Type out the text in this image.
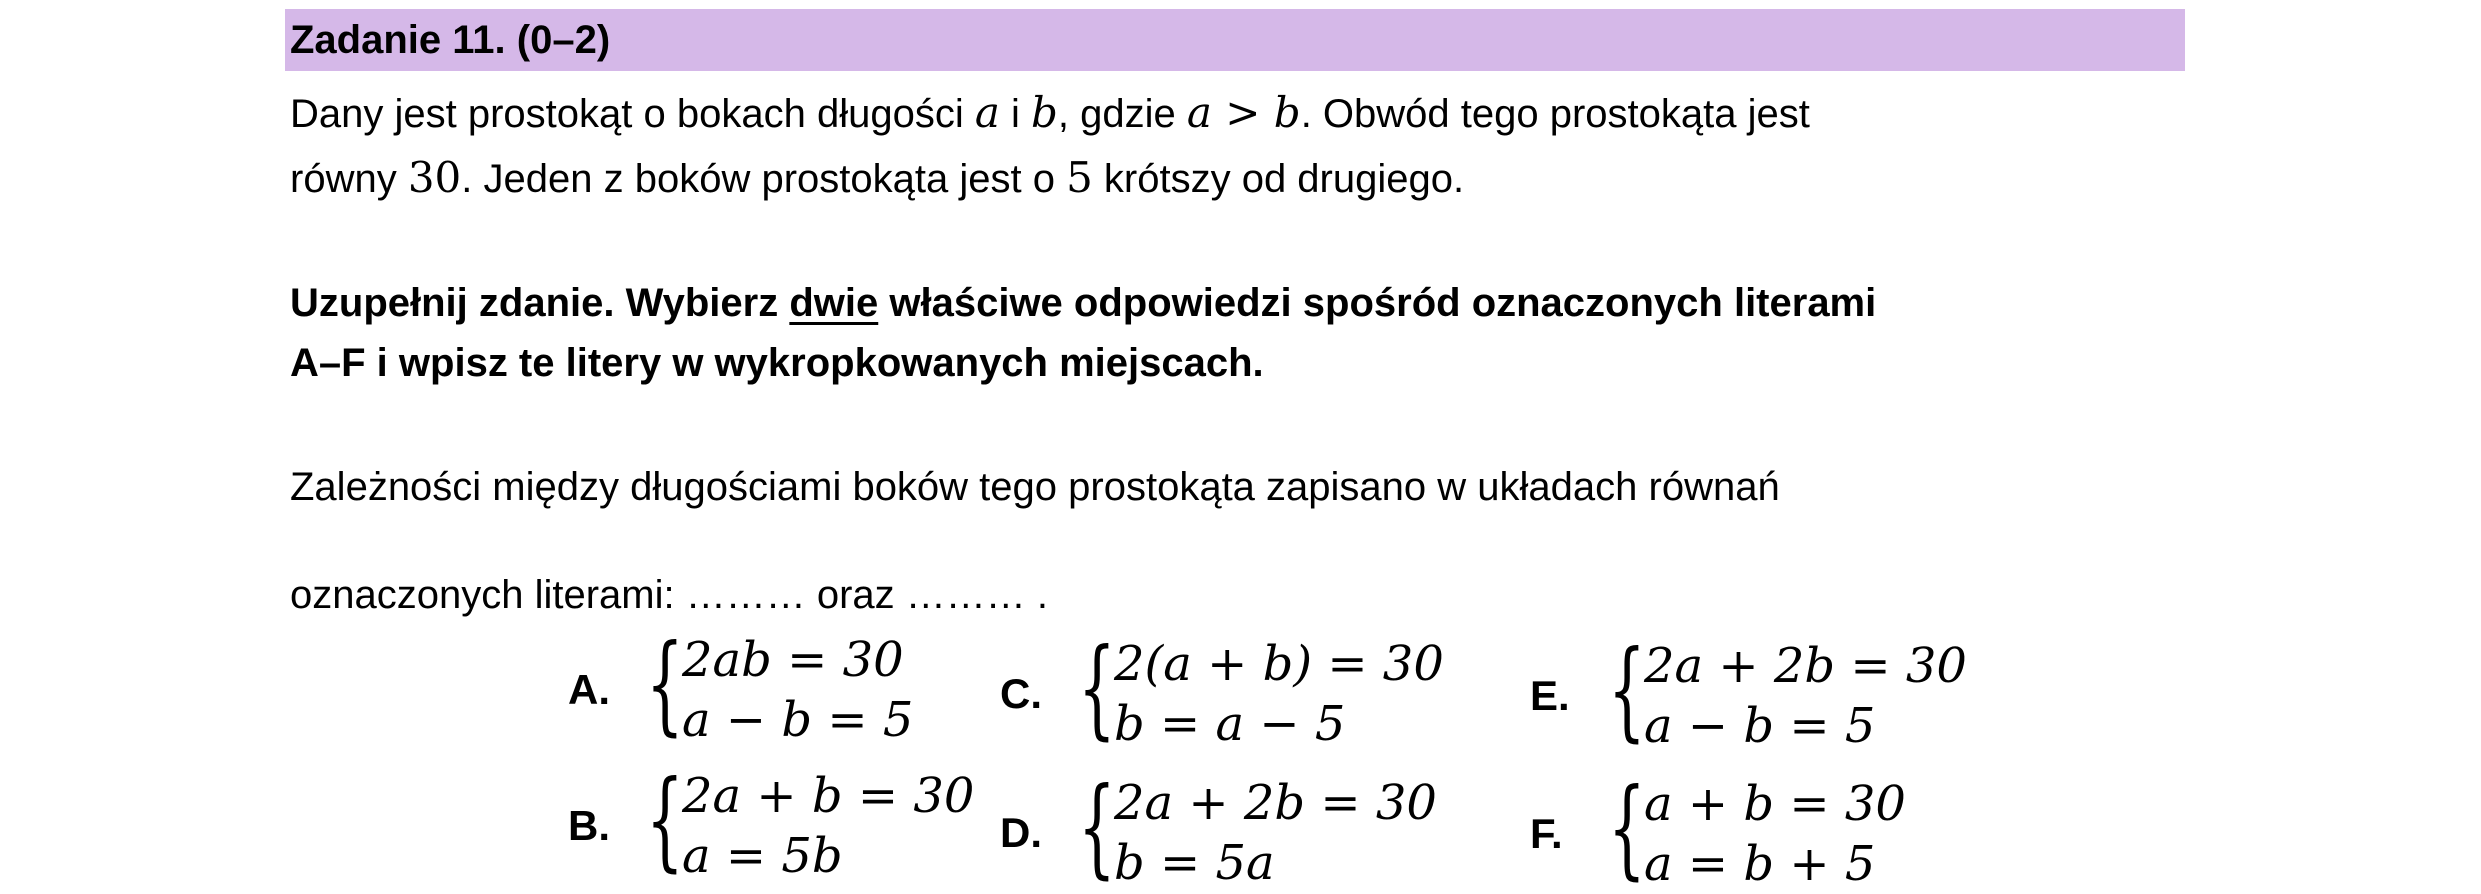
Zadanie 11. (0–2)
Dany jest prostokąt o bokach długości a i b, gdzie a > b. Obwód tego prostokąta jest
równy 30. Jeden z boków prostokąta jest o 5 krótszy od drugiego.
Uzupełnij zdanie. Wybierz dwie właściwe odpowiedzi spośród oznaczonych literami
A–F i wpisz te litery w wykropkowanych miejscach.
Zależności między długościami boków tego prostokąta zapisano w układach równań
oznaczonych literami: ……… oraz ……… .
A. {
2ab = 30
a − b = 5
B. {
2a + b = 30
a = 5b
C. {
2(a + b) = 30
b = a − 5
D. {
2a + 2b = 30
b = 5a
E. {
2a + 2b = 30
a − b = 5
F. {
a + b = 30
a = b + 5
